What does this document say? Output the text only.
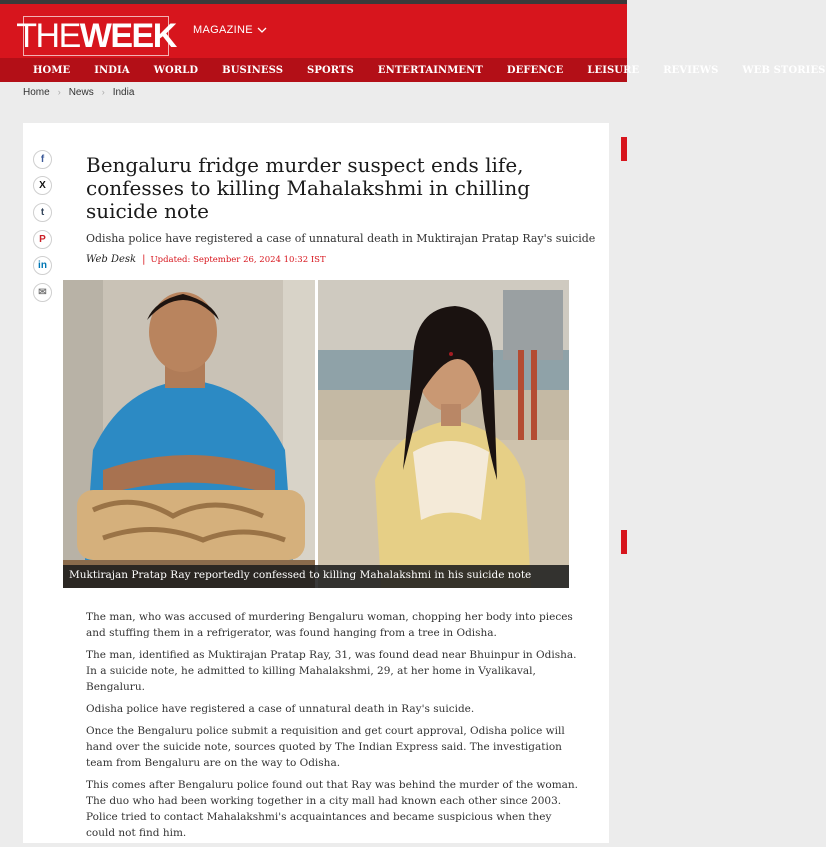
THE WEEK MAGAZINE
HOME INDIA WORLD BUSINESS SPORTS ENTERTAINMENT DEFENCE LEISURE REVIEWS WEB STORIES
Home › News › India
f
X
t
P
in
✉
Bengaluru fridge murder suspect ends life, confesses to killing Mahalakshmi in chilling suicide note
Odisha police have registered a case of unnatural death in Muktirajan Pratap Ray's suicide
Web Desk | Updated: September 26, 2024 10:32 IST
Muktirajan Pratap Ray reportedly confessed to killing Mahalakshmi in his suicide note

The man, who was accused of murdering Bengaluru woman, chopping her body into pieces and stuffing them in a refrigerator, was found hanging from a tree in Odisha.

The man, identified as Muktirajan Pratap Ray, 31, was found dead near Bhuinpur in Odisha. In a suicide note, he admitted to killing Mahalakshmi, 29, at her home in Vyalikaval, Bengaluru.

Odisha police have registered a case of unnatural death in Ray's suicide.

Once the Bengaluru police submit a requisition and get court approval, Odisha police will hand over the suicide note, sources quoted by The Indian Express said. The investigation team from Bengaluru are on the way to Odisha.

This comes after Bengaluru police found out that Ray was behind the murder of the woman. The duo who had been working together in a city mall had known each other since 2003. Police tried to contact Mahalakshmi's acquaintances and became suspicious when they could not find him.
